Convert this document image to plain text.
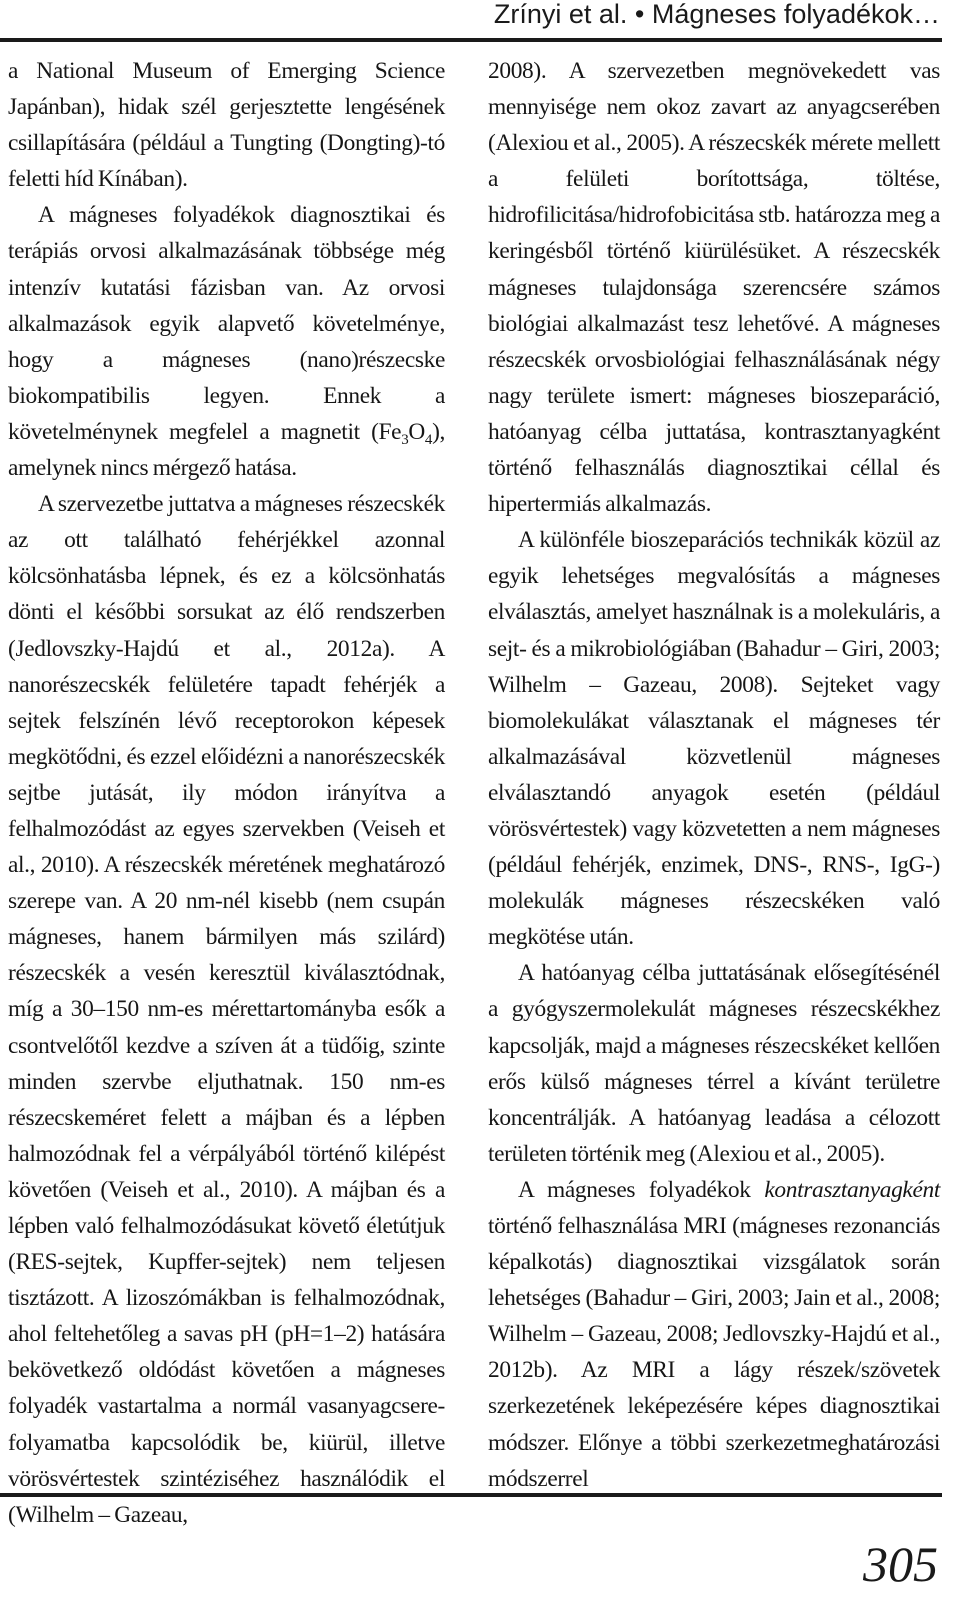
Zrínyi et al. • Mágneses folyadékok…

a National Museum of Emerging Science Japánban), hidak szél gerjesztette lengésének csillapítására (például a Tungting (Dongting)-tó feletti híd Kínában).

A mágneses folyadékok diagnosztikai és terápiás orvosi alkalmazásának többsége még intenzív kutatási fázisban van. Az orvosi alkalmazások egyik alapvető követelménye, hogy a mágneses (nano)részecske biokompatibilis legyen. Ennek a követelménynek megfelel a magnetit $(Fe_3O_4)$, amelynek nincs mérgező hatása.

A szervezetbe juttatva a mágneses részecskék az ott található fehérjékkel azonnal kölcsönhatásba lépnek, és ez a kölcsönhatás dönti el későbbi sorsukat az élő rendszerben (Jedlovszky-Hajdú et al., 2012a). A nanorészecskék felületére tapadt fehérjék a sejtek felszínén lévő receptorokon képesek megkötődni, és ezzel előidézni a nanorészecskék sejtbe jutását, ily módon irányítva a felhalmozódást az egyes szervekben (Veiseh et al., 2010). A részecskék méretének meghatározó szerepe van. A 20 nm-nél kisebb (nem csupán mágneses, hanem bármilyen más szilárd) részecskék a vesén keresztül kiválasztódnak, míg a 30–150 nm-es mérettartományba esők a csontvelőtől kezdve a szíven át a tüdőig, szinte minden szervbe eljuthatnak. 150 nm-es részecskeméret felett a májban és a lépben halmozódnak fel a vérpályából történő kilépést követően (Veiseh et al., 2010). A májban és a lépben való felhalmozódásukat követő életútjuk (RES-sejtek, Kupffer-sejtek) nem teljesen tisztázott. A lizoszómákban is felhalmozódnak, ahol feltehetőleg a savas pH (pH=1–2) hatására bekövetkező oldódást követően a mágneses folyadék vastartalma a normál vasanyagcsere-folyamatba kapcsolódik be, kiürül, illetve vörösvértestek szintéziséhez használódik el (Wilhelm – Gazeau,

2008). A szervezetben megnövekedett vas mennyisége nem okoz zavart az anyagcserében (Alexiou et al., 2005). A részecskék mérete mellett a felületi borítottsága, töltése, hidrofilicitása/hidrofobicitása stb. határozza meg a keringésből történő kiürülésüket. A részecskék mágneses tulajdonsága szerencsére számos biológiai alkalmazást tesz lehetővé. A mágneses részecskék orvosbiológiai felhasználásának négy nagy területe ismert: mágneses bioszeparáció, hatóanyag célba juttatása, kontrasztanyagként történő felhasználás diagnosztikai céllal és hipertermiás alkalmazás.

A különféle bioszeparációs technikák közül az egyik lehetséges megvalósítás a mágneses elválasztás, amelyet használnak is a molekuláris, a sejt- és a mikrobiológiában (Bahadur – Giri, 2003; Wilhelm – Gazeau, 2008). Sejteket vagy biomolekulákat választanak el mágneses tér alkalmazásával közvetlenül mágneses elválasztandó anyagok esetén (például vörösvértestek) vagy közvetetten a nem mágneses (például fehérjék, enzimek, DNS-, RNS-, IgG-) molekulák mágneses részecskéken való megkötése után.

A hatóanyag célba juttatásának elősegítésénél a gyógyszermolekulát mágneses részecskékhez kapcsolják, majd a mágneses részecskéket kellően erős külső mágneses térrel a kívánt területre koncentrálják. A hatóanyag leadása a célozott területen történik meg (Alexiou et al., 2005).

A mágneses folyadékok kontrasztanyagként történő felhasználása MRI (mágneses rezonanciás képalkotás) diagnosztikai vizsgálatok során lehetséges (Bahadur – Giri, 2003; Jain et al., 2008; Wilhelm – Gazeau, 2008; Jedlovszky-Hajdú et al., 2012b). Az MRI a lágy részek/szövetek szerkezetének leképezésére képes diagnosztikai módszer. Előnye a többi szerkezetmeghatározási módszerrel

305
